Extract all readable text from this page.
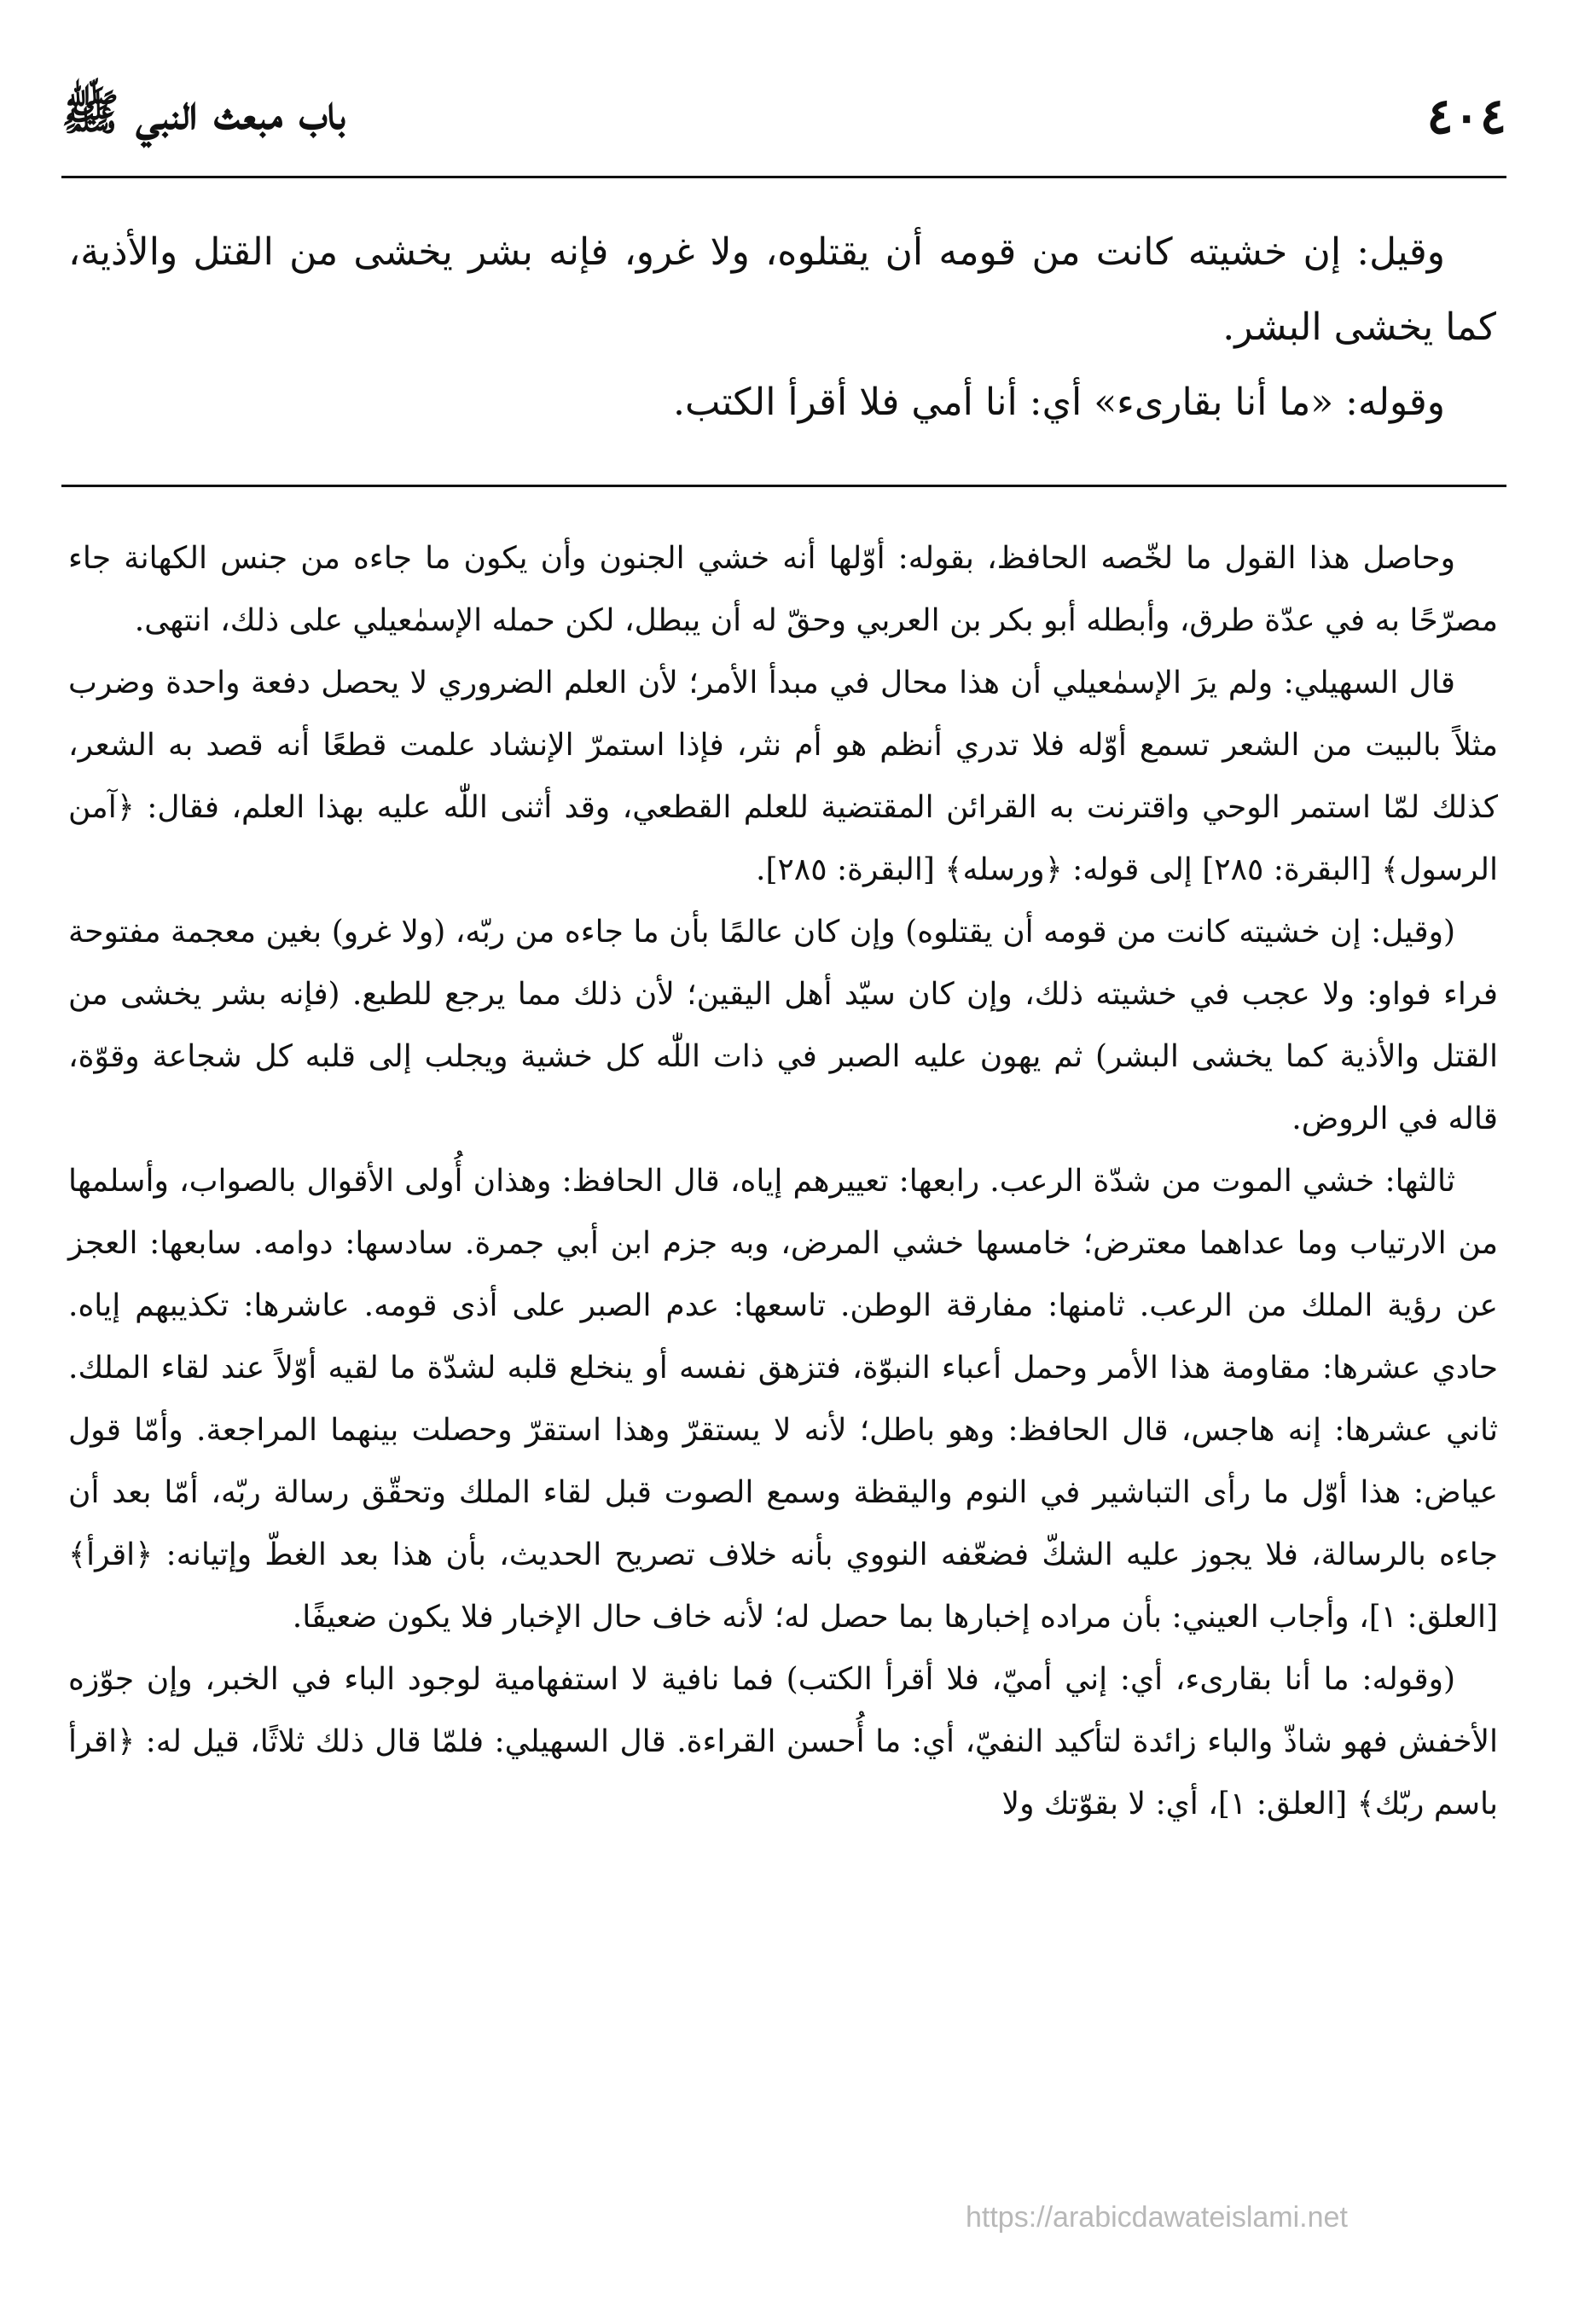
٤٠٤
باب مبعث النبي ﷺ

وقيل: إن خشيته كانت من قومه أن يقتلوه، ولا غرو، فإنه بشر يخشى من القتل والأذية، كما يخشى البشر.

وقوله: «ما أنا بقارىء» أي: أنا أمي فلا أقرأ الكتب.

وحاصل هذا القول ما لخّصه الحافظ، بقوله: أوّلها أنه خشي الجنون وأن يكون ما جاءه من جنس الكهانة جاء مصرّحًا به في عدّة طرق، وأبطله أبو بكر بن العربي وحقّ له أن يبطل، لكن حمله الإسمٰعيلي على ذلك، انتهى.

قال السهيلي: ولم يرَ الإسمٰعيلي أن هذا محال في مبدأ الأمر؛ لأن العلم الضروري لا يحصل دفعة واحدة وضرب مثلاً بالبيت من الشعر تسمع أوّله فلا تدري أنظم هو أم نثر، فإذا استمرّ الإنشاد علمت قطعًا أنه قصد به الشعر، كذلك لمّا استمر الوحي واقترنت به القرائن المقتضية للعلم القطعي، وقد أثنى اللّٰه عليه بهذا العلم، فقال: ﴿آمن الرسول﴾ [البقرة: ٢٨٥] إلى قوله: ﴿ورسله﴾ [البقرة: ٢٨٥].

(وقيل: إن خشيته كانت من قومه أن يقتلوه) وإن كان عالمًا بأن ما جاءه من ربّه، (ولا غرو) بغين معجمة مفتوحة فراء فواو: ولا عجب في خشيته ذلك، وإن كان سيّد أهل اليقين؛ لأن ذلك مما يرجع للطبع. (فإنه بشر يخشى من القتل والأذية كما يخشى البشر) ثم يهون عليه الصبر في ذات اللّٰه كل خشية ويجلب إلى قلبه كل شجاعة وقوّة، قاله في الروض.

ثالثها: خشي الموت من شدّة الرعب. رابعها: تعييرهم إياه، قال الحافظ: وهذان أُولى الأقوال بالصواب، وأسلمها من الارتياب وما عداهما معترض؛ خامسها خشي المرض، وبه جزم ابن أبي جمرة. سادسها: دوامه. سابعها: العجز عن رؤية الملك من الرعب. ثامنها: مفارقة الوطن. تاسعها: عدم الصبر على أذى قومه. عاشرها: تكذيبهم إياه. حادي عشرها: مقاومة هذا الأمر وحمل أعباء النبوّة، فتزهق نفسه أو ينخلع قلبه لشدّة ما لقيه أوّلاً عند لقاء الملك. ثاني عشرها: إنه هاجس، قال الحافظ: وهو باطل؛ لأنه لا يستقرّ وهذا استقرّ وحصلت بينهما المراجعة. وأمّا قول عياض: هذا أوّل ما رأى التباشير في النوم واليقظة وسمع الصوت قبل لقاء الملك وتحقّق رسالة ربّه، أمّا بعد أن جاءه بالرسالة، فلا يجوز عليه الشكّ فضعّفه النووي بأنه خلاف تصريح الحديث، بأن هذا بعد الغطّ وإتيانه: ﴿اقرأ﴾ [العلق: ١]، وأجاب العيني: بأن مراده إخبارها بما حصل له؛ لأنه خاف حال الإخبار فلا يكون ضعيفًا.

(وقوله: ما أنا بقارىء، أي: إني أميّ، فلا أقرأ الكتب) فما نافية لا استفهامية لوجود الباء في الخبر، وإن جوّزه الأخفش فهو شاذّ والباء زائدة لتأكيد النفيّ، أي: ما أُحسن القراءة. قال السهيلي: فلمّا قال ذلك ثلاثًا، قيل له: ﴿اقرأ باسم ربّك﴾ [العلق: ١]، أي: لا بقوّتك ولا

https://arabicdawateislami.net
